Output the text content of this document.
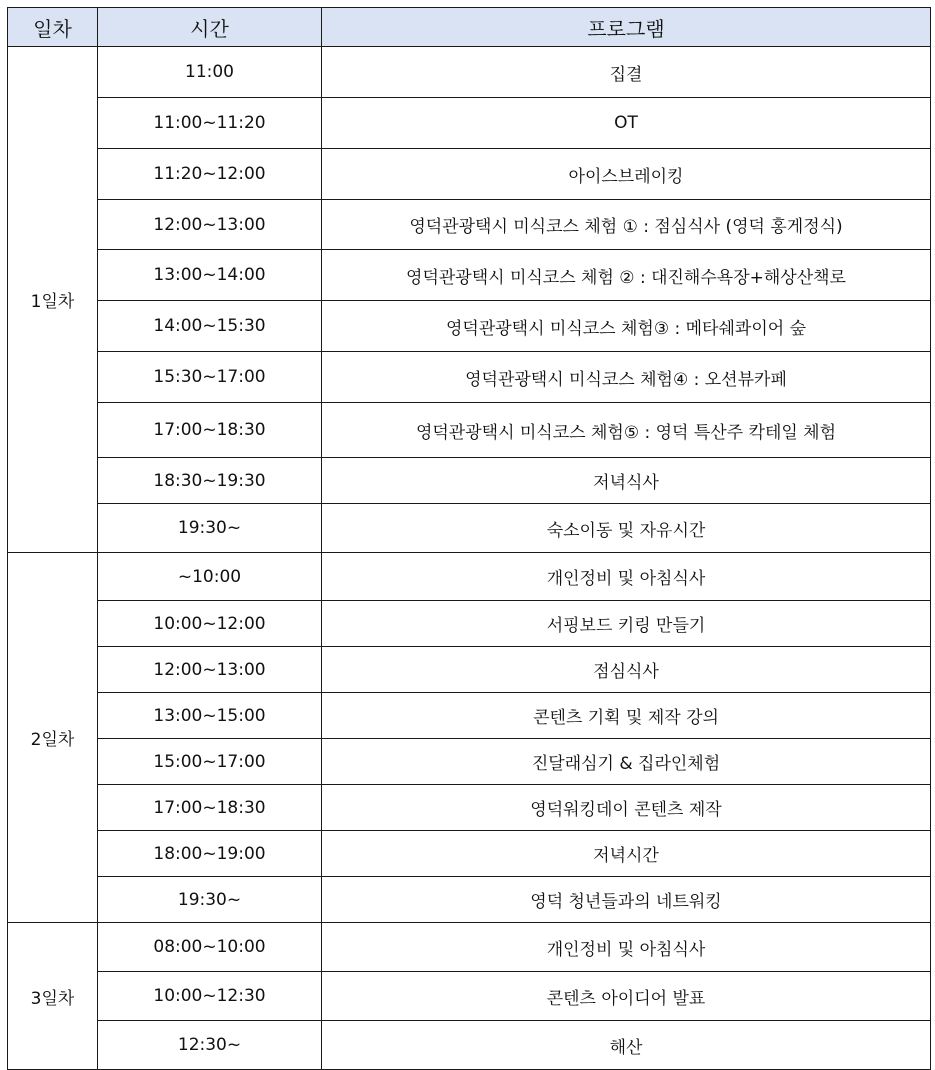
일차	시간	프로그램
1일차	11:00	집결
	11:00~11:20	OT
	11:20~12:00	아이스브레이킹
	12:00~13:00	영덕관광택시 미식코스 체험 ① : 점심식사 (영덕 홍게정식)
	13:00~14:00	영덕관광택시 미식코스 체험 ② : 대진해수욕장+해상산책로
	14:00~15:30	영덕관광택시 미식코스 체험③ : 메타쉐콰이어 숲
	15:30~17:00	영덕관광택시 미식코스 체험④ : 오션뷰카페
	17:00~18:30	영덕관광택시 미식코스 체험⑤ : 영덕 특산주 칵테일 체험
	18:30~19:30	저녁식사
	19:30~	숙소이동 및 자유시간
2일차	~10:00	개인정비 및 아침식사
	10:00~12:00	서핑보드 키링 만들기
	12:00~13:00	점심식사
	13:00~15:00	콘텐츠 기획 및 제작 강의
	15:00~17:00	진달래심기 & 집라인체험
	17:00~18:30	영덕워킹데이 콘텐츠 제작
	18:00~19:00	저녁시간
	19:30~	영덕 청년들과의 네트워킹
3일차	08:00~10:00	개인정비 및 아침식사
	10:00~12:30	콘텐츠 아이디어 발표
	12:30~	해산
